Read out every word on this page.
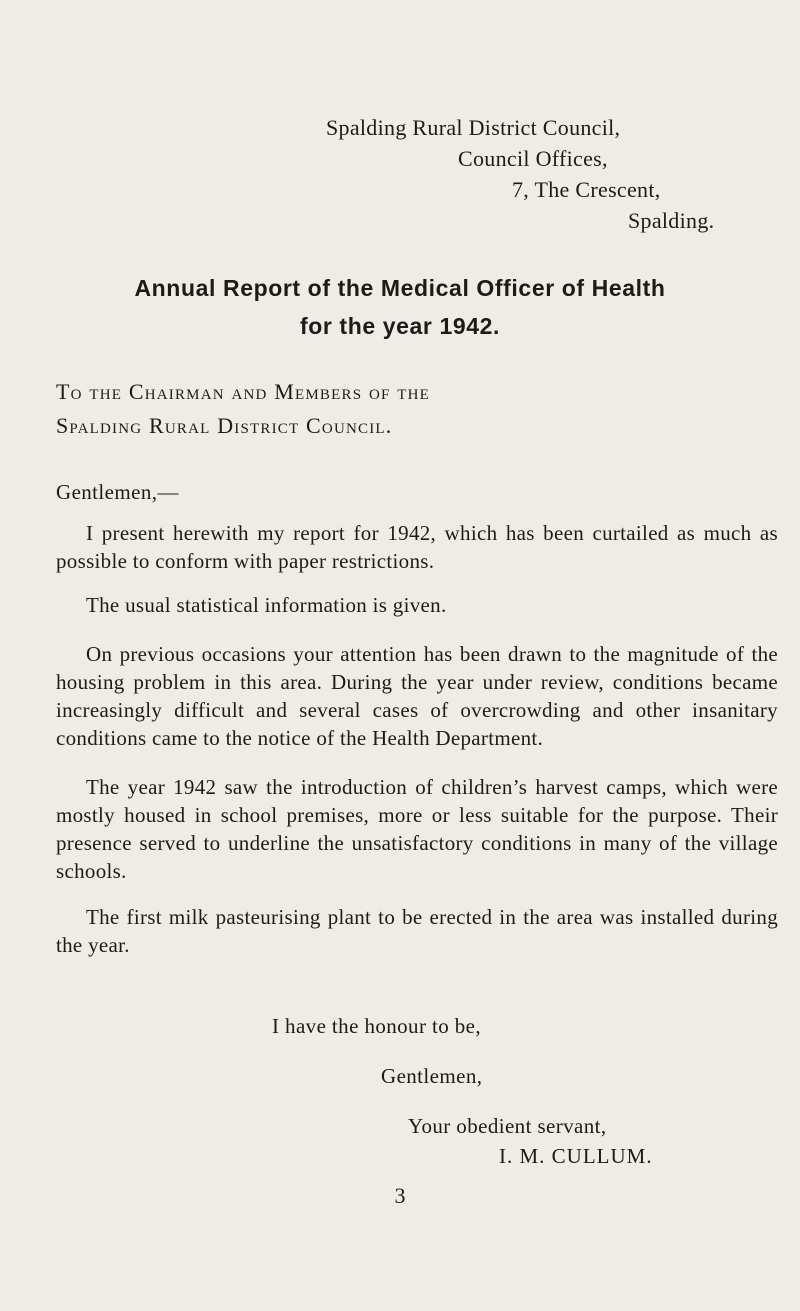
Spalding Rural District Council,
Council Offices,
7, The Crescent,
Spalding.
Annual Report of the Medical Officer of Health
for the year 1942.
To the Chairman and Members of the
Spalding Rural District Council.
Gentlemen,—

I present herewith my report for 1942, which has been curtailed as much as possible to conform with paper restrictions.

The usual statistical information is given.

On previous occasions your attention has been drawn to the magnitude of the housing problem in this area. During the year under review, conditions became increasingly difficult and several cases of overcrowding and other insanitary conditions came to the notice of the Health Department.

The year 1942 saw the introduction of children’s harvest camps, which were mostly housed in school premises, more or less suitable for the purpose. Their presence served to underline the unsatisfactory conditions in many of the village schools.

The first milk pasteurising plant to be erected in the area was installed during the year.

I have the honour to be,
Gentlemen,
Your obedient servant,
I. M. CULLUM.
3
